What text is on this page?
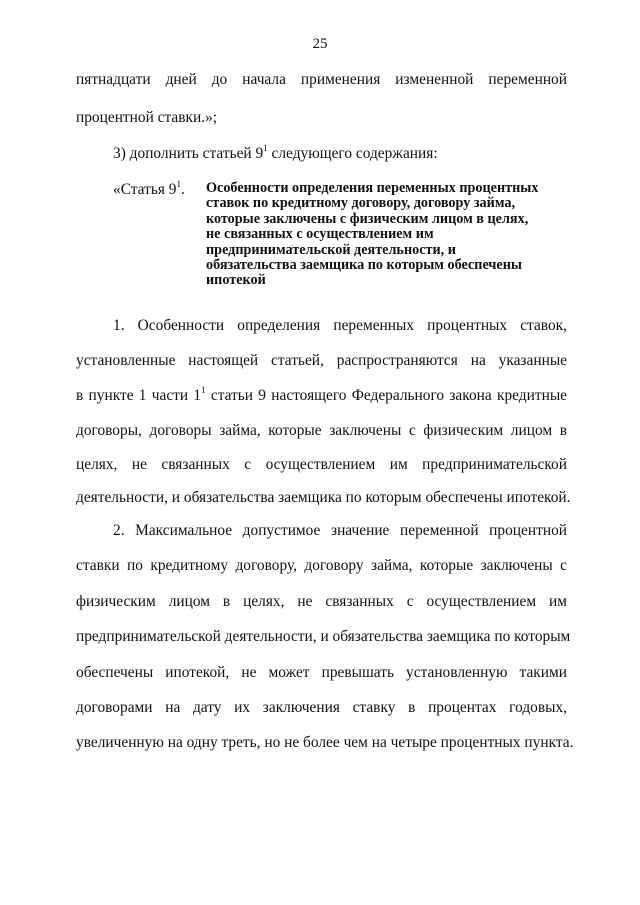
25
пятнадцати дней до начала применения измененной переменной
процентной ставки.»;
3) дополнить статьей $9^1$ следующего содержания:
«Статья $9^1$. Особенности определения переменных процентных
ставок по кредитному договору, договору займа,
которые заключены с физическим лицом в целях,
не связанных с осуществлением им
предпринимательской деятельности, и
обязательства заемщика по которым обеспечены
ипотекой
1. Особенности определения переменных процентных ставок,
установленные настоящей статьей, распространяются на указанные
в пункте 1 части $1^1$ статьи 9 настоящего Федерального закона кредитные
договоры, договоры займа, которые заключены с физическим лицом в
целях, не связанных с осуществлением им предпринимательской
деятельности, и обязательства заемщика по которым обеспечены ипотекой.
2. Максимальное допустимое значение переменной процентной
ставки по кредитному договору, договору займа, которые заключены с
физическим лицом в целях, не связанных с осуществлением им
предпринимательской деятельности, и обязательства заемщика по которым
обеспечены ипотекой, не может превышать установленную такими
договорами на дату их заключения ставку в процентах годовых,
увеличенную на одну треть, но не более чем на четыре процентных пункта.
